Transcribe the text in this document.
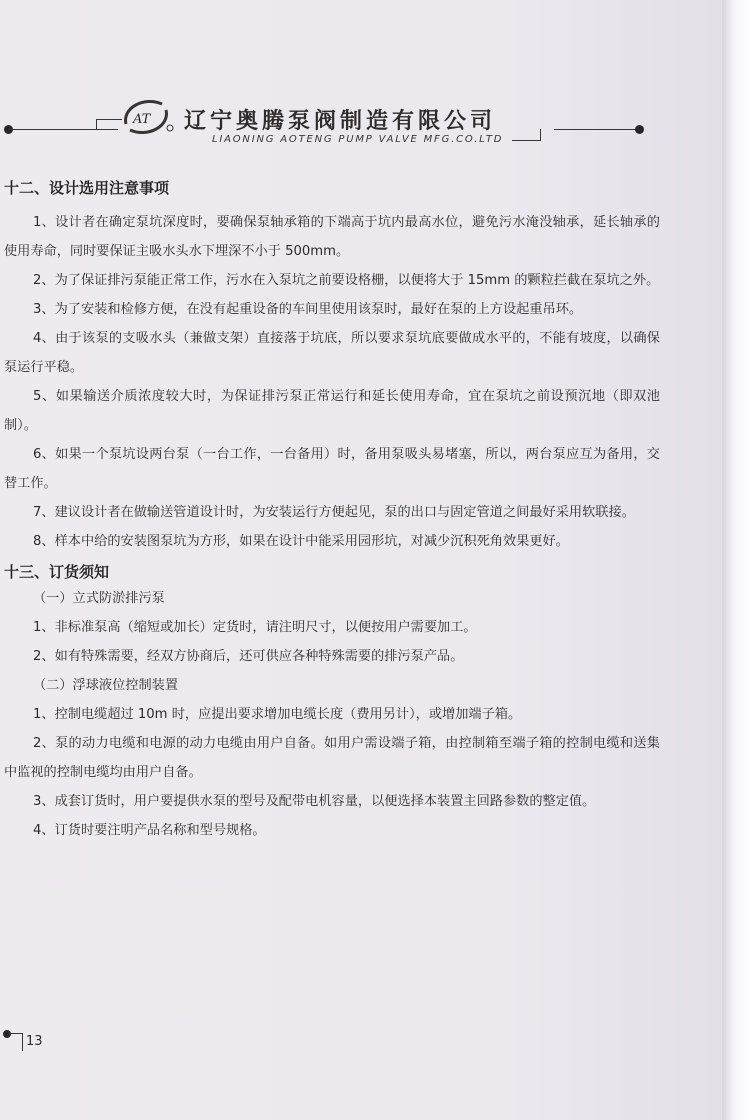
AT 辽宁奥腾泵阀制造有限公司
LIAONING AOTENG PUMP VALVE MFG.CO.LTD
十二、设计选用注意事项

1、设计者在确定泵坑深度时，要确保泵轴承箱的下端高于坑内最高水位，避免污水淹没轴承，延长轴承的使用寿命，同时要保证主吸水头水下埋深不小于 500mm。

2、为了保证排污泵能正常工作，污水在入泵坑之前要设格栅，以便将大于 15mm 的颗粒拦截在泵坑之外。

3、为了安装和检修方便，在没有起重设备的车间里使用该泵时，最好在泵的上方设起重吊环。

4、由于该泵的支吸水头（兼做支架）直接落于坑底，所以要求泵坑底要做成水平的，不能有坡度，以确保泵运行平稳。

5、如果输送介质浓度较大时，为保证排污泵正常运行和延长使用寿命，宜在泵坑之前设预沉地（即双池制）。

6、如果一个泵坑设两台泵（一台工作，一台备用）时，备用泵吸头易堵塞，所以，两台泵应互为备用，交替工作。

7、建议设计者在做输送管道设计时，为安装运行方便起见，泵的出口与固定管道之间最好采用软联接。

8、样本中给的安装图泵坑为方形，如果在设计中能采用园形坑，对减少沉积死角效果更好。

十三、订货须知

（一）立式防淤排污泵

1、非标准泵高（缩短或加长）定货时，请注明尺寸，以便按用户需要加工。

2、如有特殊需要，经双方协商后，还可供应各种特殊需要的排污泵产品。

（二）浮球液位控制装置

1、控制电缆超过 10m 时，应提出要求增加电缆长度（费用另计），或增加端子箱。

2、泵的动力电缆和电源的动力电缆由用户自备。如用户需设端子箱，由控制箱至端子箱的控制电缆和送集中监视的控制电缆均由用户自备。

3、成套订货时，用户要提供水泵的型号及配带电机容量，以便选择本装置主回路参数的整定值。

4、订货时要注明产品名称和型号规格。

13
